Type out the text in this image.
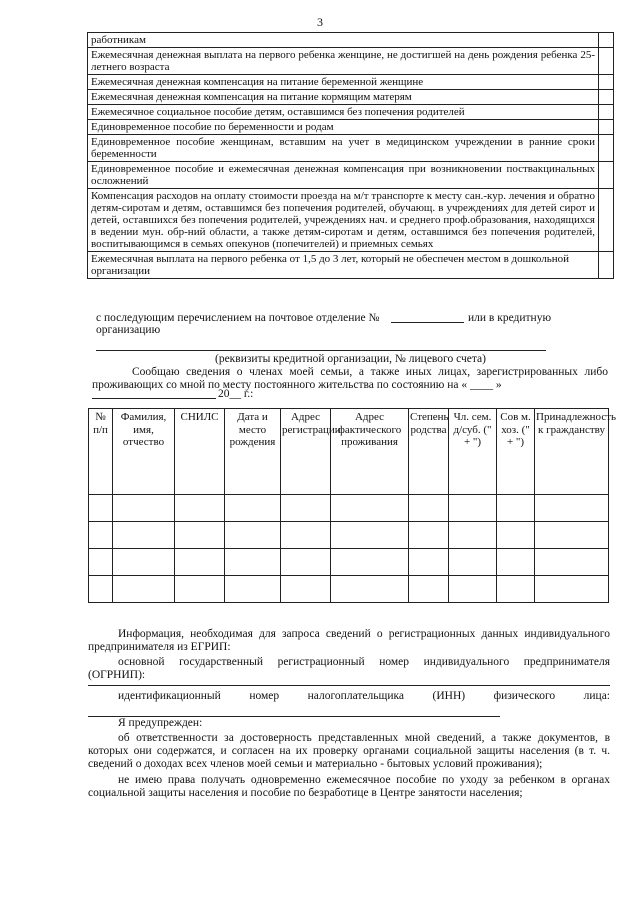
3
работникам	
Ежемесячная денежная выплата на первого ребенка женщине, не достигшей на день рождения ребенка 25-летнего возраста	
Ежемесячная денежная компенсация на питание беременной женщине	
Ежемесячная денежная компенсация на питание кормящим матерям	
Ежемесячное социальное пособие детям, оставшимся без попечения родителей	
Единовременное пособие по беременности и родам	
Единовременное пособие женщинам, вставшим на учет в медицинском учреждении в ранние сроки беременности	
Единовременное пособие и ежемесячная денежная компенсация при возникновении поствакцинальных осложнений	
Компенсация расходов на оплату стоимости проезда на м/т транспорте к месту сан.-кур. лечения и обратно детям-сиротам и детям, оставшимся без попечения родителей, обучающ. в учреждениях для детей сирот и детей, оставшихся без попечения родителей, учреждениях нач. и среднего проф.образования, находящихся в ведении мун. обр-ний области, а также детям-сиротам и детям, оставшимся без попечения родителей, воспитывающимся в семьях опекунов (попечителей) и приемных семьях	
Ежемесячная выплата на первого ребенка от 1,5 до 3 лет, который не обеспечен местом в дошкольной организации	
с последующим перечислением на почтовое отделение №	или в кредитную
организацию
(реквизиты кредитной организации, № лицевого счета)
Сообщаю сведения о членах моей семьи, а также иных лицах, зарегистрированных либо проживающих со мной по месту постоянного жительства по состоянию на « ____ »
20__ г.:
№ п/п	Фамилия, имя, отчество	СНИЛС	Дата и место рождения	Адрес регистрации	Адрес фактического проживания	Степень родства	Чл. сем. д/суб. (" + ")	Сов м. хоз. (" + ")	Принадлежность к гражданству

Информация, необходимая для запроса сведений о регистрационных данных индивидуального предпринимателя из ЕГРИП:
основной государственный регистрационный номер индивидуального предпринимателя (ОГРНИП):
идентификационный номер налогоплательщика (ИНН) физического лица:
Я предупрежден:
об ответственности за достоверность представленных мной сведений, а также документов, в которых они содержатся, и согласен на их проверку органами социальной защиты населения (в т. ч. сведений о доходах всех членов моей семьи и материально - бытовых условий проживания);
не имею права получать одновременно ежемесячное пособие по уходу за ребенком в органах социальной защиты населения и пособие по безработице в Центре занятости населения;
